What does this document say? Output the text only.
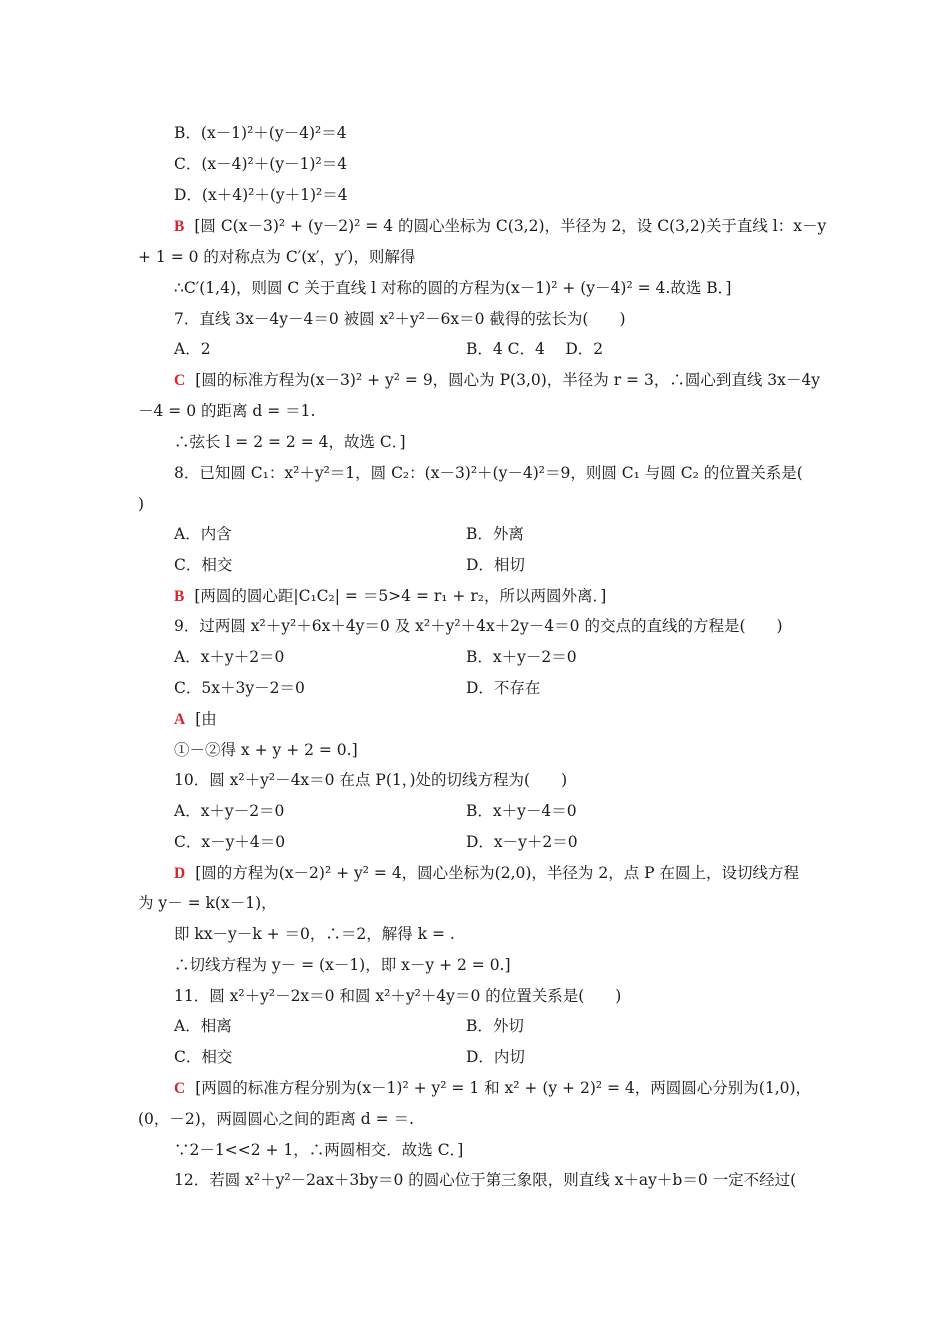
B．(x－1)²＋(y－4)²＝4
C．(x－4)²＋(y－1)²＝4
D．(x＋4)²＋(y＋1)²＝4
B [圆 C(x－3)² + (y－2)² = 4 的圆心坐标为 C(3,2)，半径为 2，设 C(3,2)关于直线 l：x－y
+ 1 = 0 的对称点为 C′(x′，y′)，则解得
∴C′(1,4)，则圆 C 关于直线 l 对称的圆的方程为(x－1)² + (y－4)² = 4.故选 B．]
7．直线 3x－4y－4＝0 被圆 x²＋y²－6x＝0 截得的弦长为(　　)
A．2	B．4 C．4　 D．2
C [圆的标准方程为(x－3)² + y² = 9，圆心为 P(3,0)，半径为 r = 3，∴圆心到直线 3x－4y
－4 = 0 的距离 d = ＝1.
∴弦长 l = 2 = 2 = 4，故选 C．]
8．已知圆 C₁：x²＋y²＝1，圆 C₂：(x－3)²＋(y－4)²＝9，则圆 C₁ 与圆 C₂ 的位置关系是(
)
A．内含	B．外离
C．相交	D．相切
B [两圆的圆心距|C₁C₂| = ＝5>4 = r₁ + r₂，所以两圆外离．]
9．过两圆 x²＋y²＋6x＋4y＝0 及 x²＋y²＋4x＋2y－4＝0 的交点的直线的方程是(　　)
A．x＋y＋2＝0	B．x＋y－2＝0
C．5x＋3y－2＝0	D．不存在
A [由
①－②得 x + y + 2 = 0.]
10．圆 x²＋y²－4x＝0 在点 P(1，)处的切线方程为(　　)
A．x＋y－2＝0	B．x＋y－4＝0
C．x－y＋4＝0	D．x－y＋2＝0
D [圆的方程为(x－2)² + y² = 4，圆心坐标为(2,0)，半径为 2，点 P 在圆上，设切线方程
为 y－ = k(x－1)，
即 kx－y－k + ＝0，∴＝2，解得 k = .
∴切线方程为 y－ = (x－1)，即 x－y + 2 = 0.]
11．圆 x²＋y²－2x＝0 和圆 x²＋y²＋4y＝0 的位置关系是(　　)
A．相离	B．外切
C．相交	D．内切
C [两圆的标准方程分别为(x－1)² + y² = 1 和 x² + (y + 2)² = 4，两圆圆心分别为(1,0)，
(0，－2)，两圆圆心之间的距离 d = ＝.
∵2－1<<2 + 1，∴两圆相交．故选 C．]
12．若圆 x²＋y²－2ax＋3by＝0 的圆心位于第三象限，则直线 x＋ay＋b＝0 一定不经过(
